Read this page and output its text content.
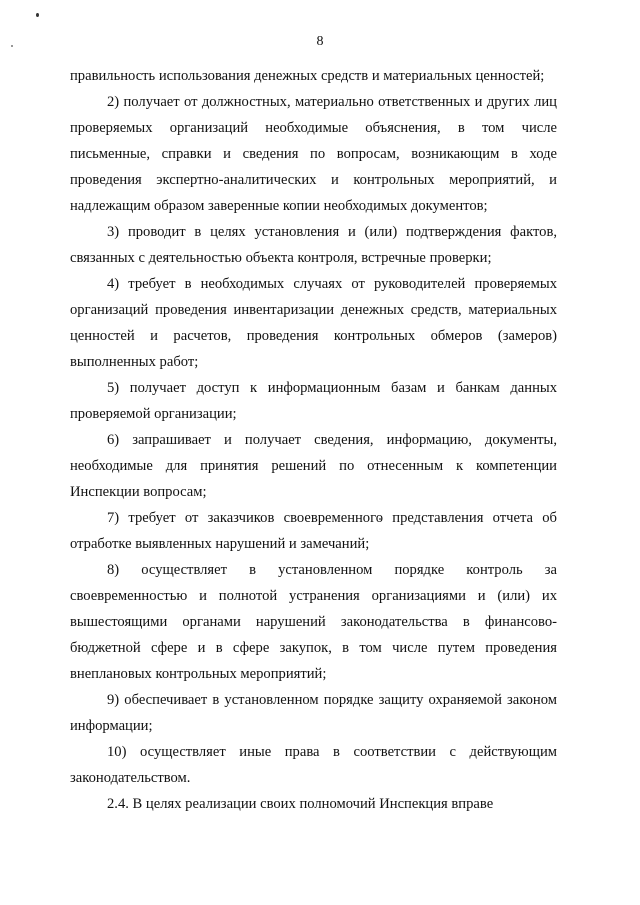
8

правильность использования денежных средств и материальных ценностей;

2) получает от должностных, материально ответственных и других лиц проверяемых организаций необходимые объяснения, в том числе письменные, справки и сведения по вопросам, возникающим в ходе проведения экспертно-аналитических и контрольных мероприятий, и надлежащим образом заверенные копии необходимых документов;

3) проводит в целях установления и (или) подтверждения фактов, связанных с деятельностью объекта контроля, встречные проверки;

4) требует в необходимых случаях от руководителей проверяемых организаций проведения инвентаризации денежных средств, материальных ценностей и расчетов, проведения контрольных обмеров (замеров) выполненных работ;

5) получает доступ к информационным базам и банкам данных проверяемой организации;

6) запрашивает и получает сведения, информацию, документы, необходимые для принятия решений по отнесенным к компетенции Инспекции вопросам;

7) требует от заказчиков своевременного представления отчета об отработке выявленных нарушений и замечаний;

8) осуществляет в установленном порядке контроль за своевременностью и полнотой устранения организациями и (или) их вышестоящими органами нарушений законодательства в финансово-бюджетной сфере и в сфере закупок, в том числе путем проведения внеплановых контрольных мероприятий;

9) обеспечивает в установленном порядке защиту охраняемой законом информации;

10) осуществляет иные права в соответствии с действующим законодательством.

2.4. В целях реализации своих полномочий Инспекция вправе
